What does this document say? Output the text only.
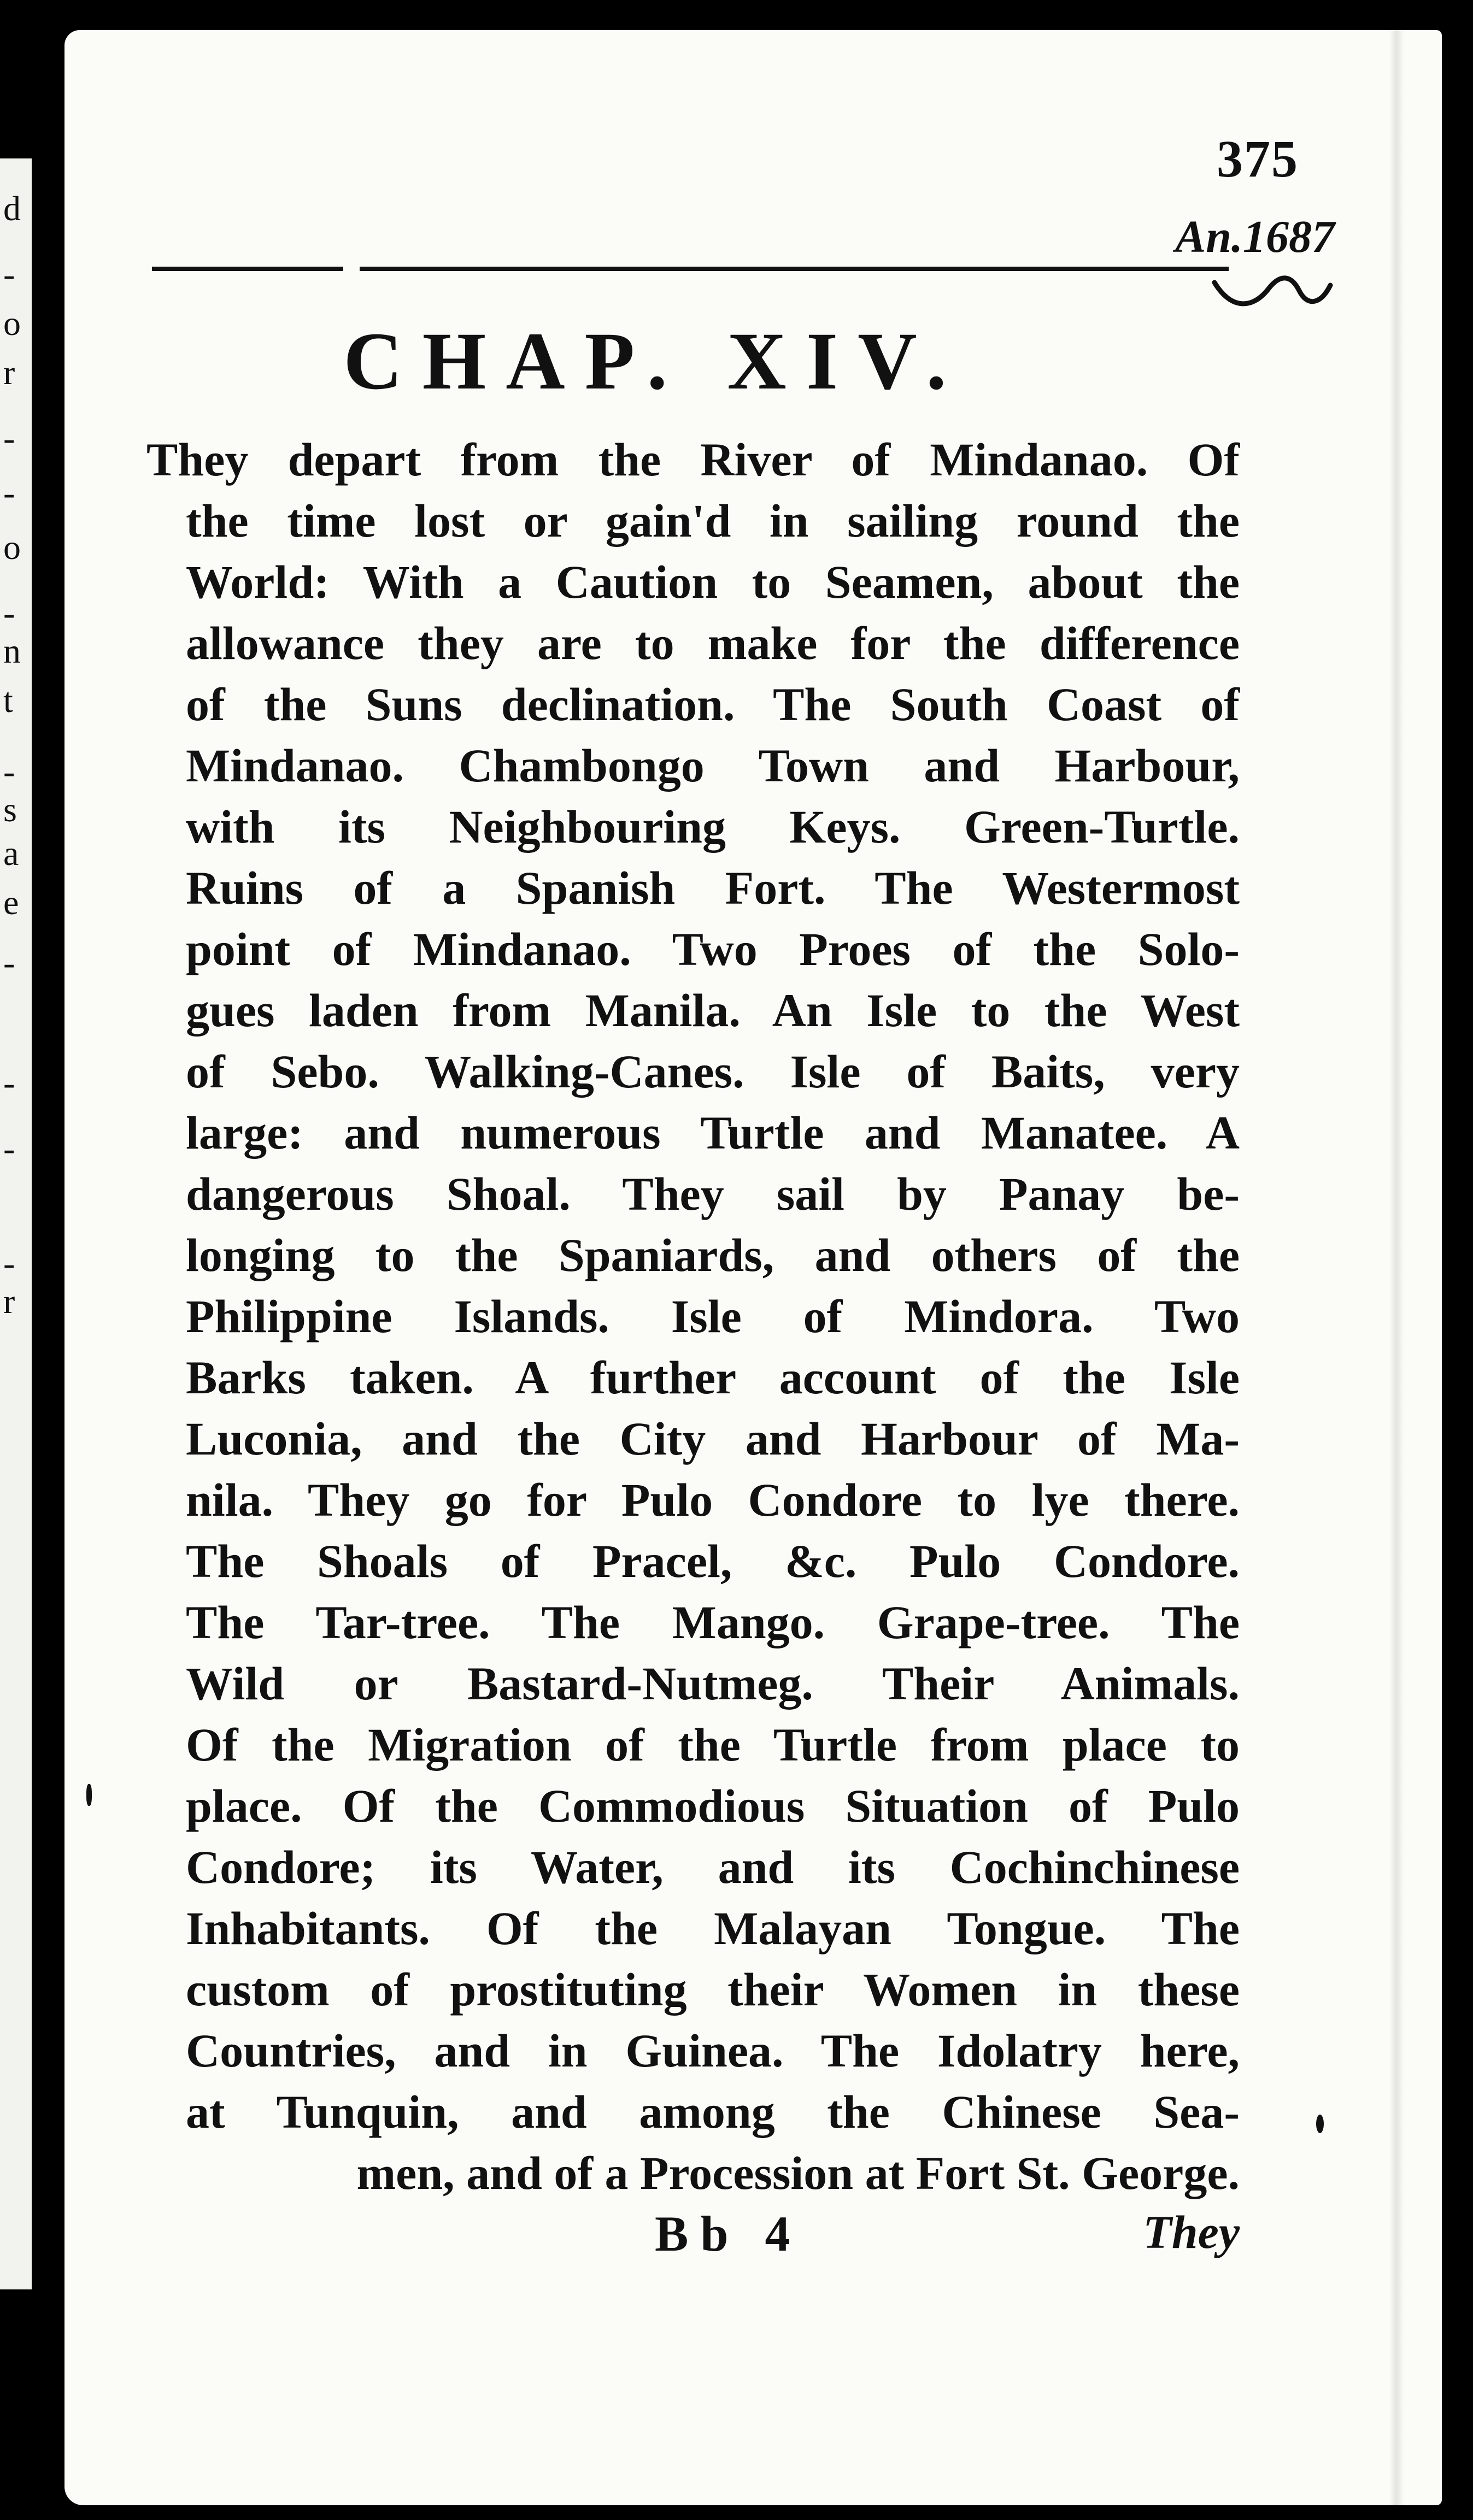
d
-
o
r
-
-
o
-
n
t
-
s
a
e
-
-
-
-
r
375
An.1687
CHAP. XIV.
They depart from the River of Mindanao. Of
the time lost or gain'd in sailing round the
World: With a Caution to Seamen, about the
allowance they are to make for the difference
of the Suns declination. The South Coast of
Mindanao. Chambongo Town and Harbour,
with its Neighbouring Keys. Green-Turtle.
Ruins of a Spanish Fort. The Westermost
point of Mindanao. Two Proes of the Solo-
gues laden from Manila. An Isle to the West
of Sebo. Walking-Canes. Isle of Baits, very
large: and numerous Turtle and Manatee. A
dangerous Shoal. They sail by Panay be-
longing to the Spaniards, and others of the
Philippine Islands. Isle of Mindora. Two
Barks taken. A further account of the Isle
Luconia, and the City and Harbour of Ma-
nila. They go for Pulo Condore to lye there.
The Shoals of Pracel, &c. Pulo Condore.
The Tar-tree. The Mango. Grape-tree. The
Wild or Bastard-Nutmeg. Their Animals.
Of the Migration of the Turtle from place to
place. Of the Commodious Situation of Pulo
Condore; its Water, and its Cochinchinese
Inhabitants. Of the Malayan Tongue. The
custom of prostituting their Women in these
Countries, and in Guinea. The Idolatry here,
at Tunquin, and among the Chinese Sea-
men, and of a Procession at Fort St. George.
Bb 4	They
